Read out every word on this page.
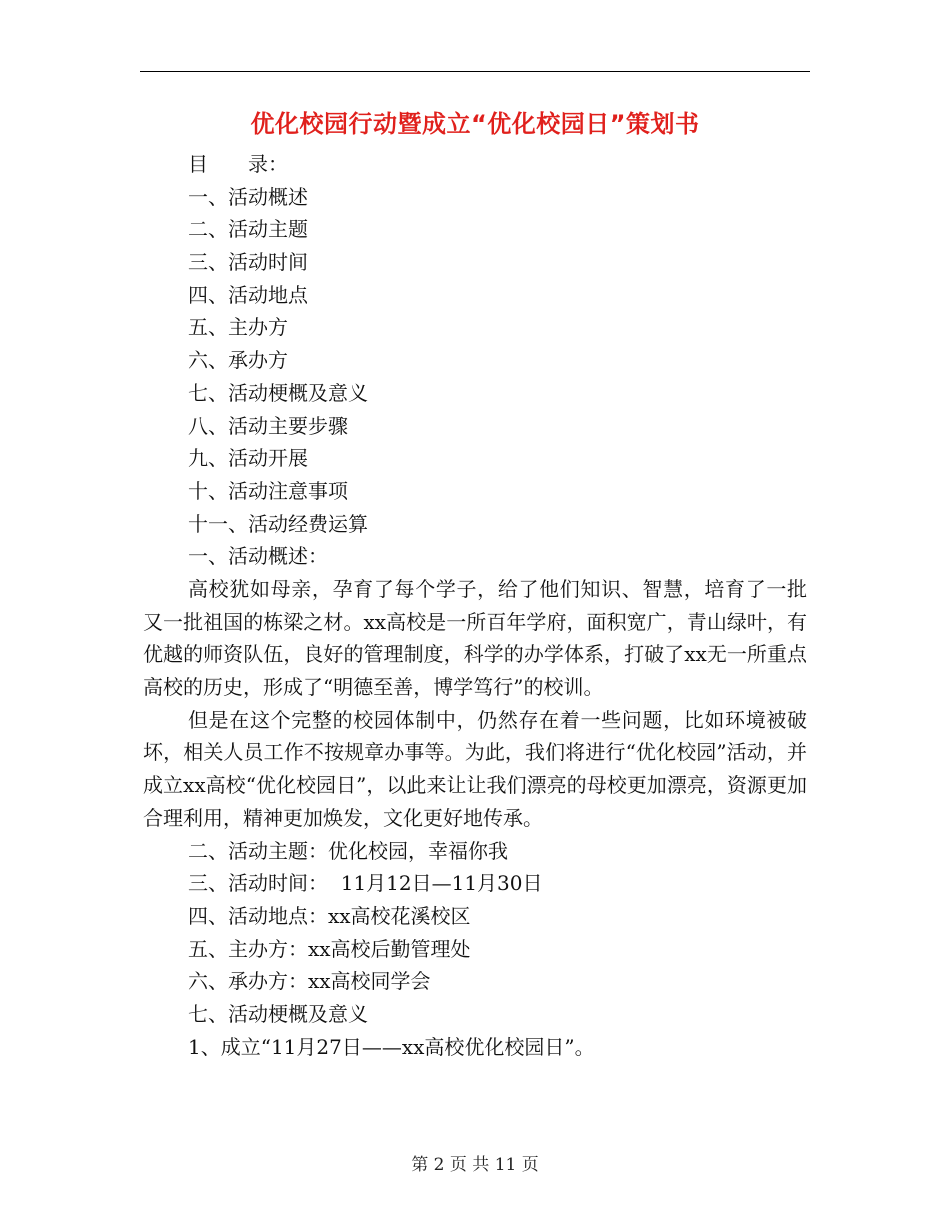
优化校园行动暨成立“优化校园日”策划书
目 录：
一、活动概述
二、活动主题
三、活动时间
四、活动地点
五、主办方
六、承办方
七、活动梗概及意义
八、活动主要步骤
九、活动开展
十、活动注意事项
十一、活动经费运算
一、活动概述：

高校犹如母亲，孕育了每个学子，给了他们知识、智慧，培育了一批又一批祖国的栋梁之材。xx高校是一所百年学府，面积宽广，青山绿叶，有优越的师资队伍，良好的管理制度，科学的办学体系，打破了xx无一所重点高校的历史，形成了“明德至善，博学笃行”的校训。

但是在这个完整的校园体制中，仍然存在着一些问题，比如环境被破坏，相关人员工作不按规章办事等。为此，我们将进行“优化校园”活动，并成立xx高校“优化校园日”，以此来让让我们漂亮的母校更加漂亮，资源更加合理利用，精神更加焕发，文化更好地传承。

二、活动主题：优化校园，幸福你我
三、活动时间：  11月12日—11月30日
四、活动地点：xx高校花溪校区
五、主办方：xx高校后勤管理处
六、承办方：xx高校同学会
七、活动梗概及意义
1、成立“11月27日——xx高校优化校园日”。
第 2 页 共 11 页
